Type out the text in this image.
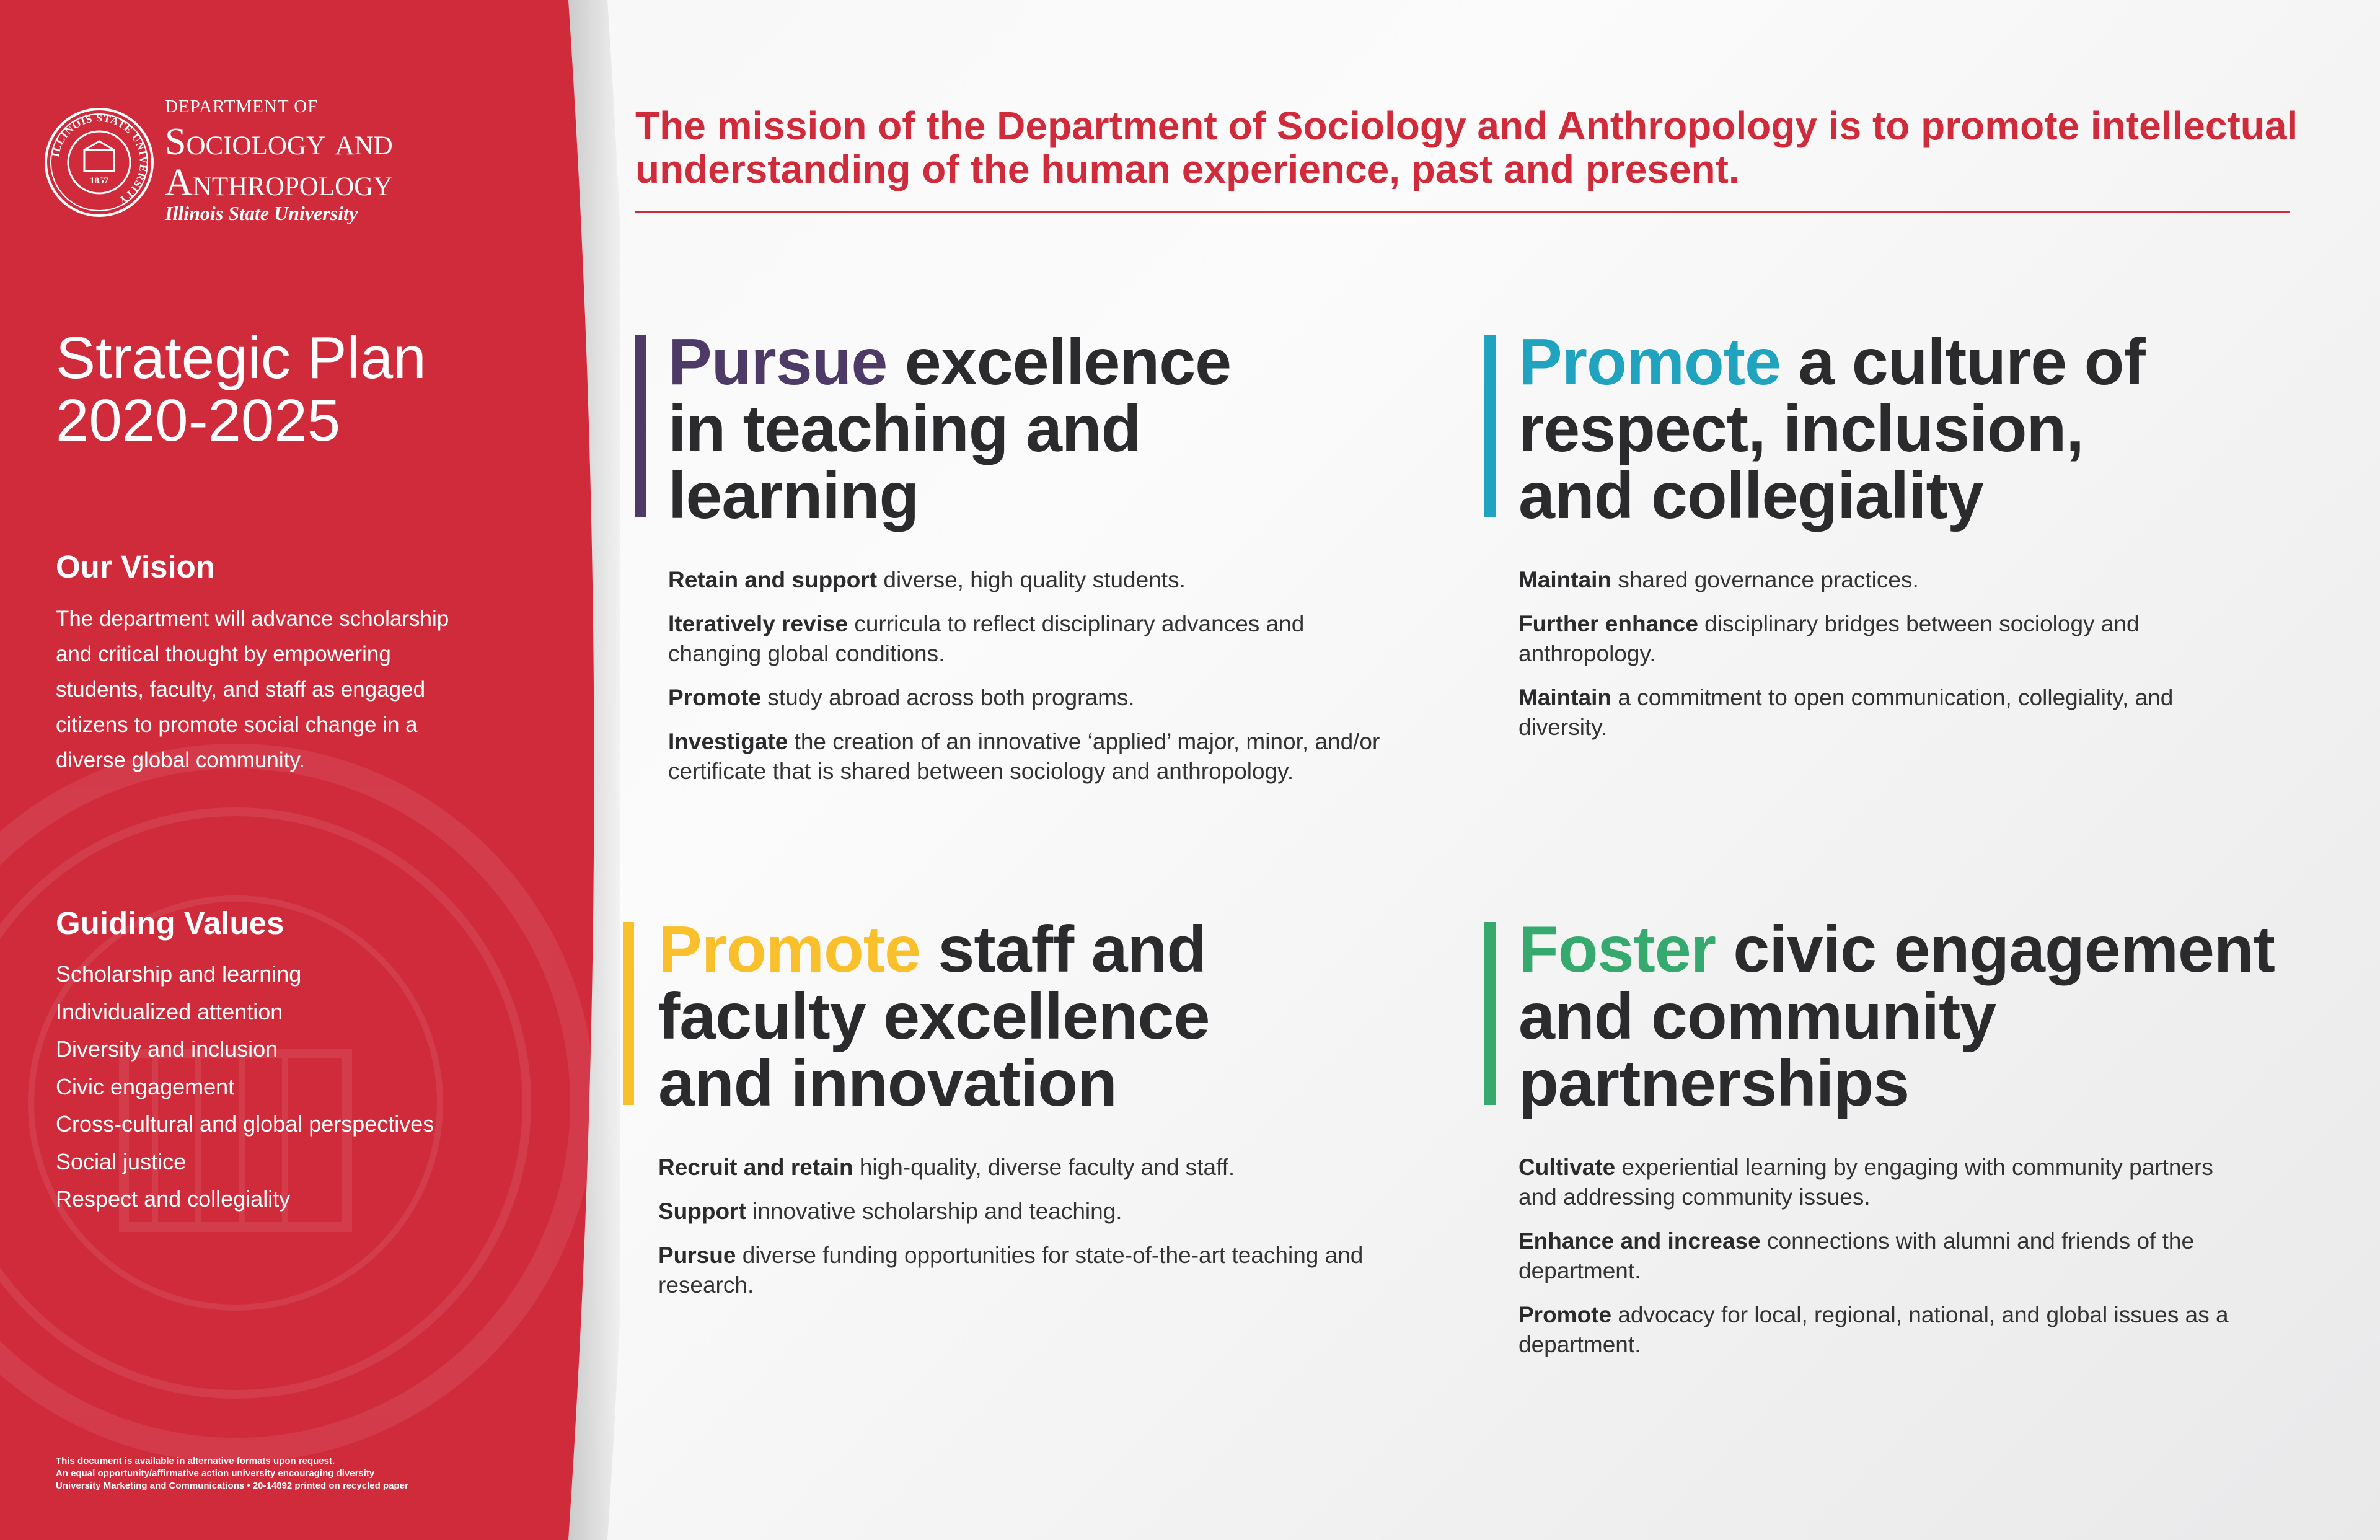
ILLINOIS STATE UNIVERSITY
1857
DEPARTMENT OF
Sociology and
Anthropology
Illinois State University
Strategic Plan
2020-2025
Our Vision
The department will advance scholarship and critical thought by empowering students, faculty, and staff as engaged citizens to promote social change in a diverse global community.
Guiding Values
Scholarship and learning
Individualized attention
Diversity and inclusion
Civic engagement
Cross-cultural and global perspectives
Social justice
Respect and collegiality
This document is available in alternative formats upon request.
An equal opportunity/affirmative action university encouraging diversity
University Marketing and Communications • 20-14892 printed on recycled paper
The mission of the Department of Sociology and Anthropology is to promote intellectual understanding of the human experience, past and present.
Pursue excellence
in teaching and
learning
Retain and support diverse, high quality students.
Iteratively revise curricula to reflect disciplinary advances and changing global conditions.
Promote study abroad across both programs.
Investigate the creation of an innovative ‘applied’ major, minor, and/or certificate that is shared between sociology and anthropology.
Promote a culture of
respect, inclusion,
and collegiality
Maintain shared governance practices.
Further enhance disciplinary bridges between sociology and anthropology.
Maintain a commitment to open communication, collegiality, and diversity.
Promote staff and
faculty excellence
and innovation
Recruit and retain high-quality, diverse faculty and staff.
Support innovative scholarship and teaching.
Pursue diverse funding opportunities for state-of-the-art teaching and research.
Foster civic engagement
and community
partnerships
Cultivate experiential learning by engaging with community partners and addressing community issues.
Enhance and increase connections with alumni and friends of the department.
Promote advocacy for local, regional, national, and global issues as a department.
